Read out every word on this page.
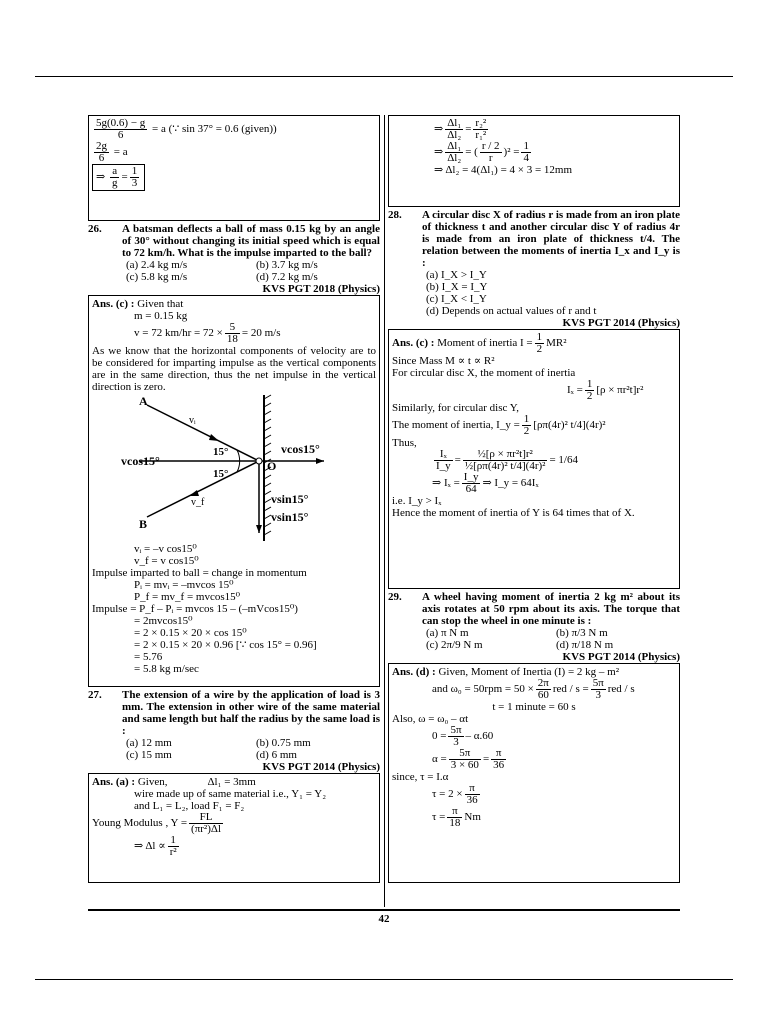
$\frac{5g(0.6) - g}{6} = a$ (∵ sin 37° = 0.6 (given))

$\frac{2g}{6} = a$

⇒ $\frac{a}{g} = \frac{1}{3}$

26.	A batsman deflects a ball of mass 0.15 kg by an angle of 30° without changing its initial speed which is equal to 72 km/h. What is the impulse imparted to the ball?
(a) 2.4 kg m/s	(b) 3.7 kg m/s
(c) 5.8 kg m/s	(d) 7.2 kg m/s
KVS PGT 2018 (Physics)

Ans. (c) : Given that

m = 0.15 kg

v = 72 $km/hr = 72 \times \frac{5}{18} = 20$ m/s

As we know that the horizontal components of velocity are to be considered for imparting impulse as the vertical components are in the same direction, thus the net impulse in the vertical direction is zero.

A
B
O
vᵢ
v_f
vcos15°
vcos15°
15°
15°
vsin15°
vsin15°

vᵢ = –v cos15⁰

v_f = v cos15⁰

Impulse imparted to ball = change in momentum

Pᵢ = mvᵢ = –mvcos 15⁰

P_f = mv_f = mvcos15⁰

Impulse = P_f – Pᵢ = mvcos 15 – (–mVcos15⁰)

= 2mvcos15⁰

= 2 × 0.15 × 20 × cos 15⁰

= 2 × 0.15 × 20 × 0.96 [∵ cos 15° = 0.96]

= 5.76

= 5.8 kg m/sec

27.	The extension of a wire by the application of load is 3 mm. The extension in other wire of the same material and same length but half the radius by the same load is :
(a) 12 mm	(b) 0.75 mm
(c) 15 mm	(d) 6 mm
KVS PGT 2014 (Physics)

Ans. (a) : Given,	Δl₁ = 3mm

wire made up of same material i.e., Y₁ = Y₂

and L₁ = L₂, load F₁ = F₂

Young Modulus , $Y = \frac{FL}{\text{(πr²)Δl}}$

⇒ $\Delta l \propto \frac{1}{\text{r²}}$

⇒ $\frac{\text{Δl₁}}{\text{Δl₂}} = \frac{\text{r₂²}}{\text{r₁²}}$

⇒ $\frac{\text{Δl₁}}{\text{Δl₂}}$ = ( $\frac{r / 2}{r} )^2 = \frac{1}{4}$

⇒ Δl₂ = 4(Δl₁) = 4 × 3 = 12mm

28.	A circular disc X of radius r is made from an iron plate of thickness t and another circular disc Y of radius 4r is made from an iron plate of thickness t/4. The relation between the moments of inertia I_x and I_y is :
(a) I_X > I_Y
(b) I_X = I_Y
(c) I_X < I_Y
(d) Depends on actual values of r and t
KVS PGT 2014 (Physics)

Ans. (c) : Moment of inertia $I = \frac{1}{2} MR^2$

Since Mass M ∝ t ∝ R²

For circular disc X, the moment of inertia

$I_x = \frac{1}{2} [\rho \times \pi r^2t]r^2$

Similarly, for circular disc Y,

The moment of inertia, I_y = $\frac{1}{2} [\rho\pi(4r)^2$ t/4](4r)²

Thus,

$\frac{\text{Iₓ}}{I\_y} = \frac{\text{½[ρ × πr²t]r²}}{\text{½[ρπ(4r)² t/4](4r)²}} = 1/64$

⇒ $I_x = \frac{I\_y}{64}$ ⇒ I_y = 64Iₓ

i.e. I_y > Iₓ

Hence the moment of inertia of Y is 64 times that of X.

29.	A wheel having moment of inertia 2 kg m² about its axis rotates at 50 rpm about its axis. The torque that can stop the wheel in one minute is :
(a) π N m	(b) π/3 N m
(c) 2π/9 N m	(d) π/18 N m
KVS PGT 2014 (Physics)

Ans. (d) : Given, Moment of Inertia (I) = 2 kg – m²

and $\omega_0 = 50rpm = 50 \times \frac{2\pi}{60}$ red / $s = \frac{5\pi}{3}$ red / s

t = 1 minute = 60 s

Also, ω = ω₀ – αt

$0 = \frac{5\pi}{3} - \alpha.60$

$\alpha = \frac{5\pi}{3 \times 60} = \frac{\pi}{36}$

since, τ = I.α

$\tau = 2 \times \frac{\pi}{36}$

$\tau = \frac{\pi}{18}$ Nm

42
